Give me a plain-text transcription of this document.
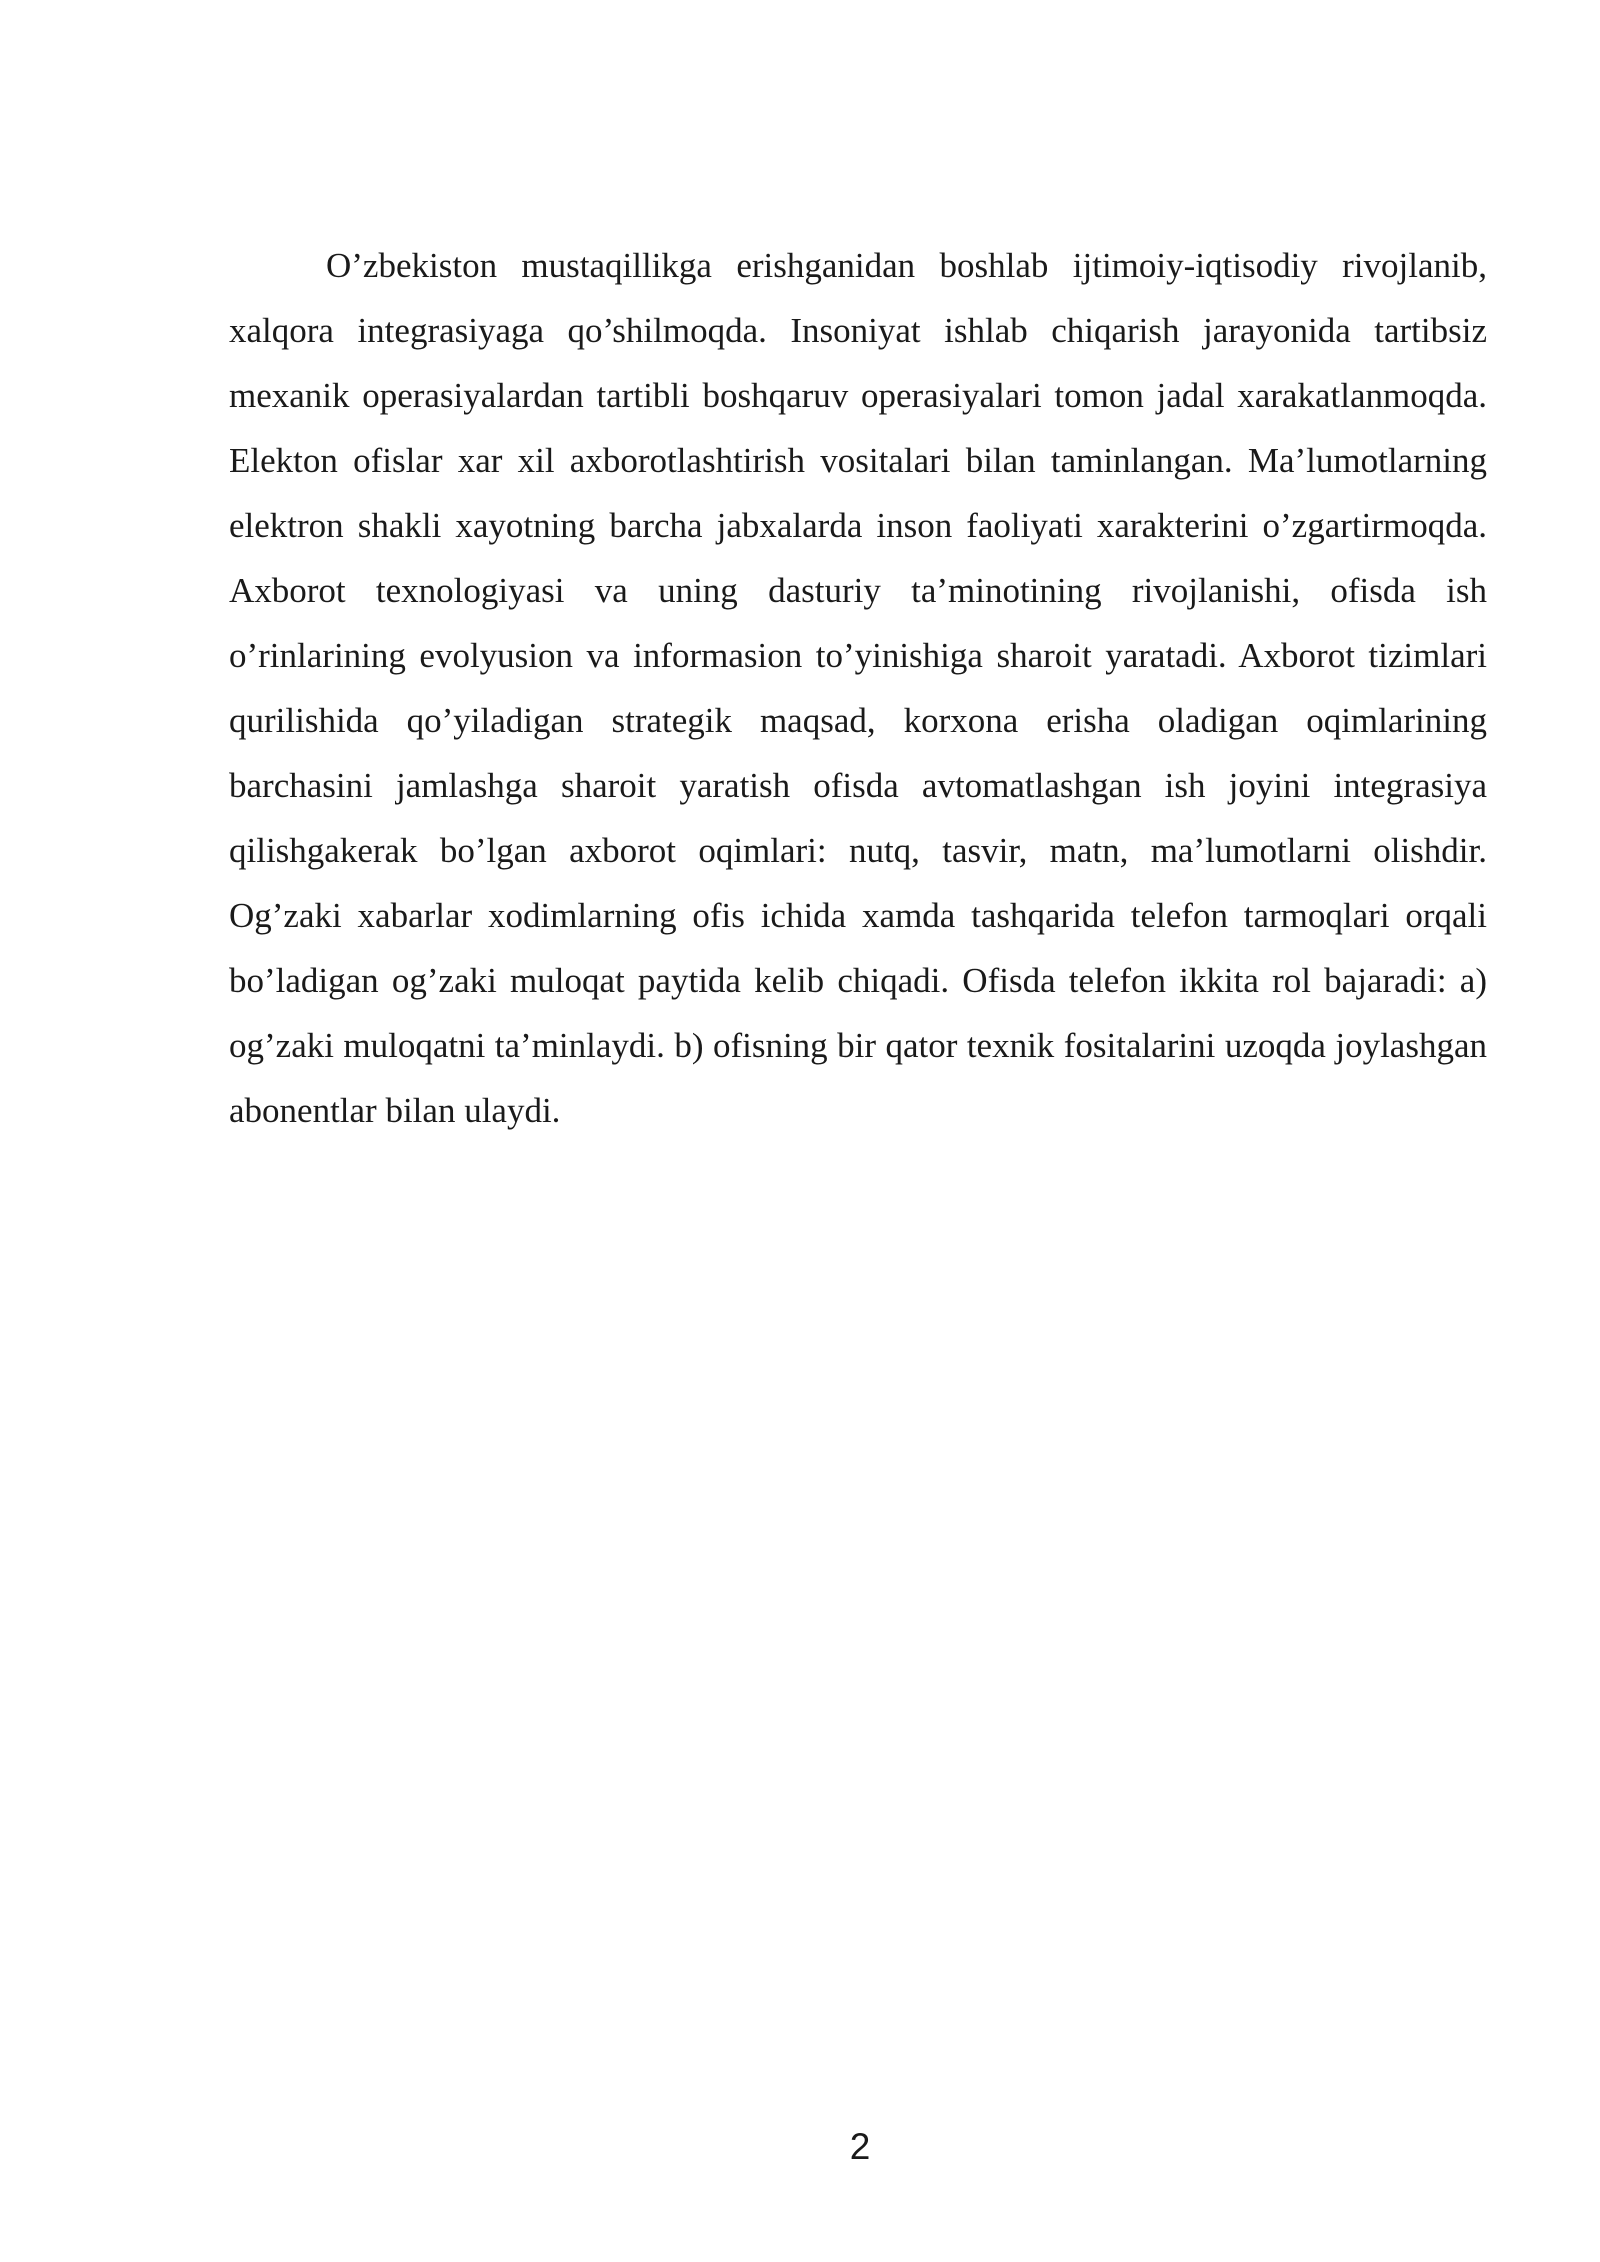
O’zbekiston mustaqillikga erishganidan boshlab ijtimoiy-iqtisodiy rivojlanib, xalqora integrasiyaga qo’shilmoqda. Insoniyat ishlab chiqarish jarayonida tartibsiz mexanik operasiyalardan tartibli boshqaruv operasiyalari tomon jadal xarakatlanmoqda. Elekton ofislar xar xil axborotlashtirish vositalari bilan taminlangan. Ma’lumotlarning elektron shakli xayotning barcha jabxalarda inson faoliyati xarakterini o’zgartirmoqda. Axborot texnologiyasi va uning dasturiy ta’minotining rivojlanishi, ofisda ish o’rinlarining evolyusion va informasion to’yinishiga sharoit yaratadi. Axborot tizimlari qurilishida qo’yiladigan strategik maqsad, korxona erisha oladigan oqimlarining barchasini jamlashga sharoit yaratish ofisda avtomatlashgan ish joyini integrasiya qilishgakerak bo’lgan axborot oqimlari: nutq, tasvir, matn, ma’lumotlarni olishdir. Og’zaki xabarlar xodimlarning ofis ichida xamda tashqarida telefon tarmoqlari orqali bo’ladigan og’zaki muloqat paytida kelib chiqadi. Ofisda telefon ikkita rol bajaradi: a) og’zaki muloqatni ta’minlaydi. b) ofisning bir qator texnik fositalarini uzoqda joylashgan abonentlar bilan ulaydi.

2
